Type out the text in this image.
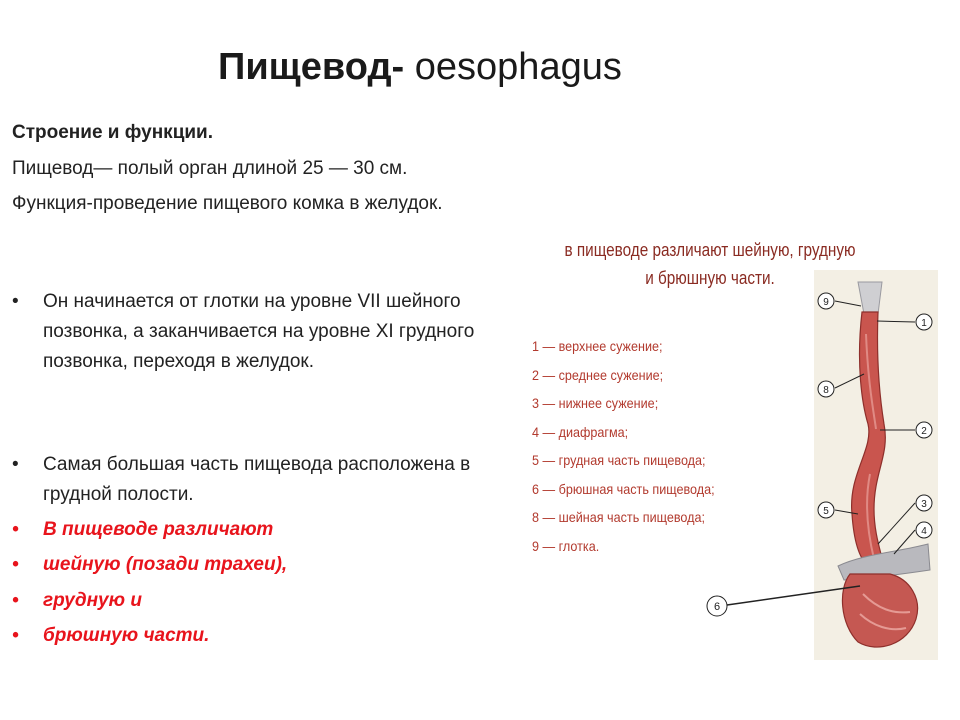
Пищевод- oesophagus
Строение и функции.
Пищевод— полый орган длиной 25 — 30 см.
Функция-проведение пищевого комка в желудок.
•	Он начинается от глотки на уровне VII шейного позвонка, а заканчивается на уровне XI грудного позвонка, переходя в желудок.
•	Самая большая часть пищевода расположена в грудной полости.
•	В пищеводе различают
•	шейную (позади трахеи),
•	грудную и
•	брюшную части.
в пищеводе различают шейную, грудную
и брюшную части.
1 — верхнее сужение;
2 — среднее сужение;
3 — нижнее сужение;
4 — диафрагма;
5 — грудная часть пищевода;
6 — брюшная часть пищевода;
8 — шейная часть пищевода;
9 — глотка.
9
1
8
2
3
5
4
6
